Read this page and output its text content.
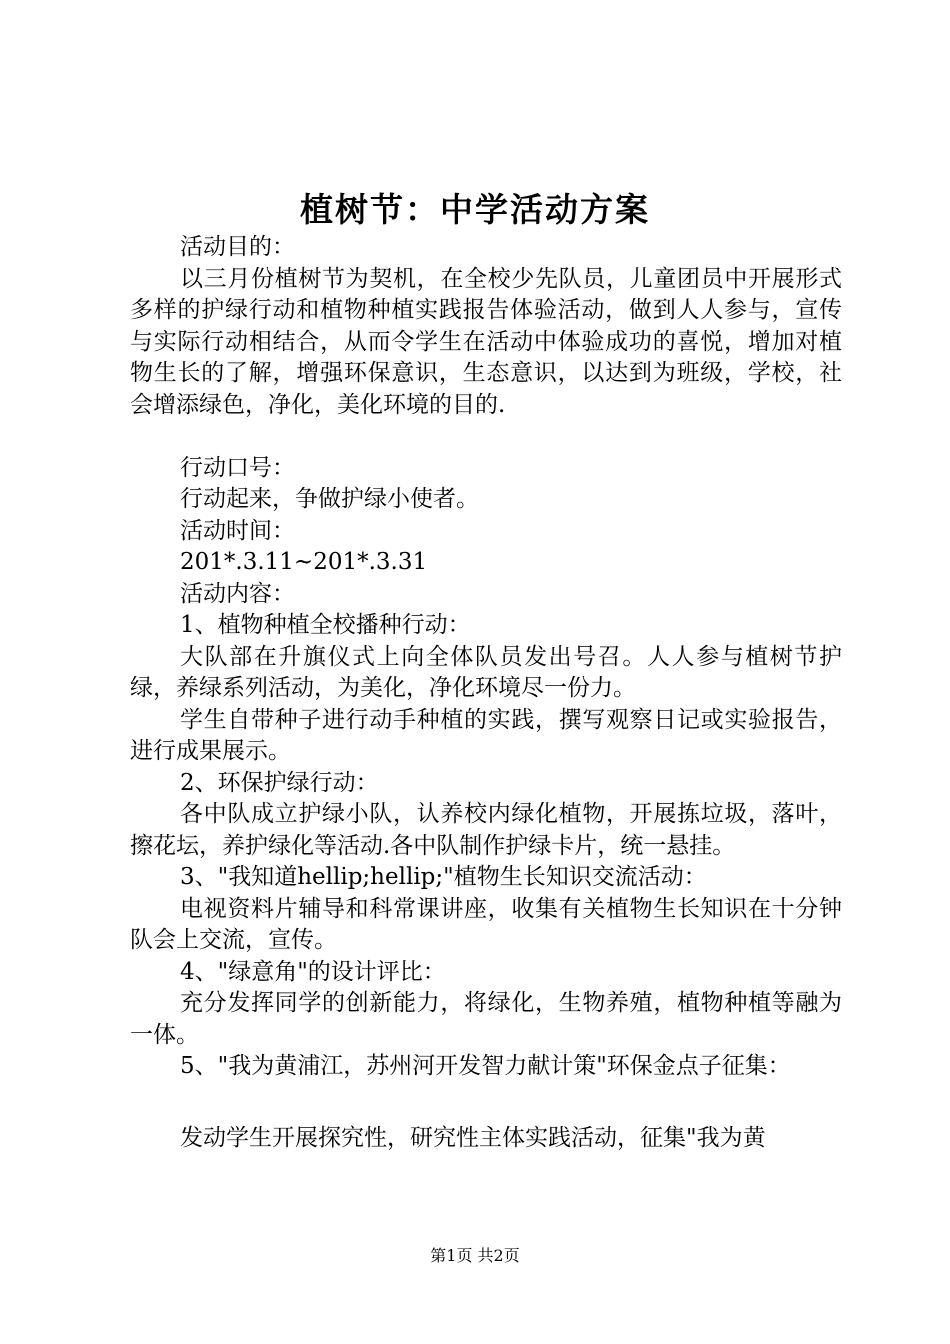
植树节：中学活动方案

活动目的：

以三月份植树节为契机，在全校少先队员，儿童团员中开展形式多样的护绿行动和植物种植实践报告体验活动，做到人人参与，宣传与实际行动相结合，从而令学生在活动中体验成功的喜悦，增加对植物生长的了解，增强环保意识，生态意识，以达到为班级，学校，社会增添绿色，净化，美化环境的目的.

行动口号：

行动起来，争做护绿小使者。

活动时间：

201*.3.11~201*.3.31

活动内容：

1、植物种植全校播种行动：

大队部在升旗仪式上向全体队员发出号召。人人参与植树节护绿，养绿系列活动，为美化，净化环境尽一份力。

学生自带种子进行动手种植的实践，撰写观察日记或实验报告，进行成果展示。

2、环保护绿行动：

各中队成立护绿小队，认养校内绿化植物，开展拣垃圾，落叶，擦花坛，养护绿化等活动.各中队制作护绿卡片，统一悬挂。

3、"我知道hellip;hellip;"植物生长知识交流活动：

电视资料片辅导和科常课讲座，收集有关植物生长知识在十分钟队会上交流，宣传。

4、"绿意角"的设计评比：

充分发挥同学的创新能力，将绿化，生物养殖，植物种植等融为一体。

5、"我为黄浦江，苏州河开发智力献计策"环保金点子征集：

发动学生开展探究性，研究性主体实践活动，征集"我为黄

第1页 共2页
